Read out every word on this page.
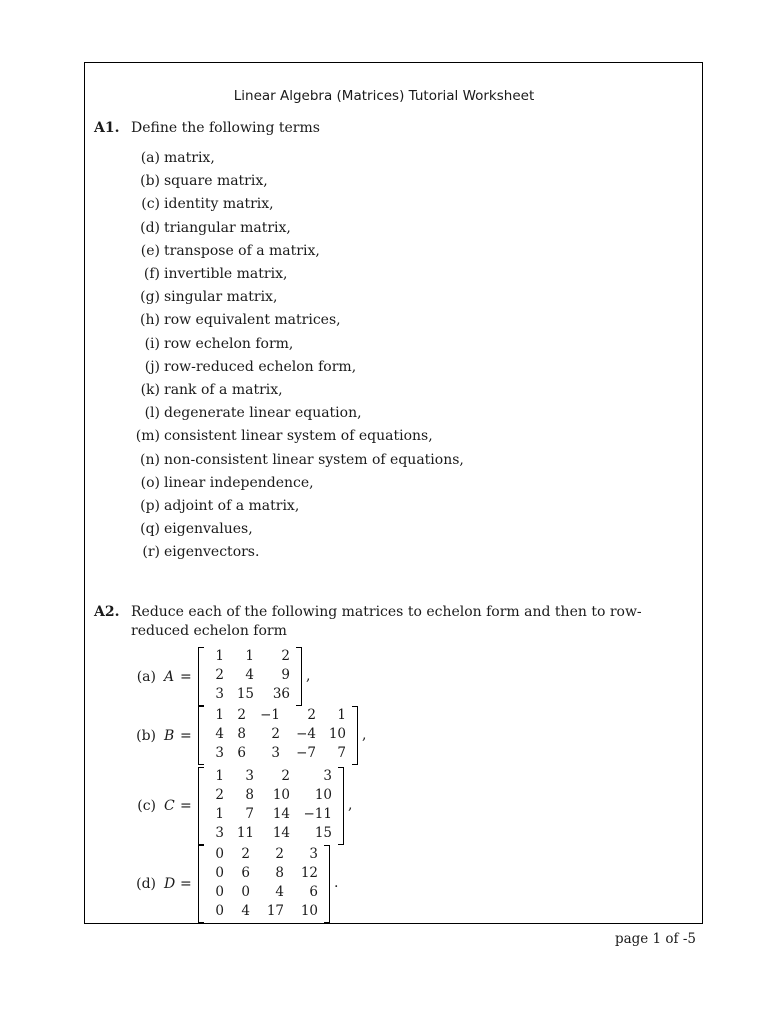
Linear Algebra (Matrices) Tutorial Worksheet
A1. Define the following terms
(a) matrix,
(b) square matrix,
(c) identity matrix,
(d) triangular matrix,
(e) transpose of a matrix,
(f) invertible matrix,
(g) singular matrix,
(h) row equivalent matrices,
(i) row echelon form,
(j) row-reduced echelon form,
(k) rank of a matrix,
(l) degenerate linear equation,
(m) consistent linear system of equations,
(n) non-consistent linear system of equations,
(o) linear independence,
(p) adjoint of a matrix,
(q) eigenvalues,
(r) eigenvectors.
A2. Reduce each of the following matrices to echelon form and then to row-reduced echelon form
(a) A =
1	1	2
2	4	9
3	15	36
,
(b) B =
1	2	−1	2	1
4	8	2	−4	10
3	6	3	−7	7
,
(c) C =
1	3	2	3
2	8	10	10
1	7	14	−11
3	11	14	15
,
(d) D =
0	2	2	3
0	6	8	12
0	0	4	6
0	4	17	10
.
page 1 of -5
